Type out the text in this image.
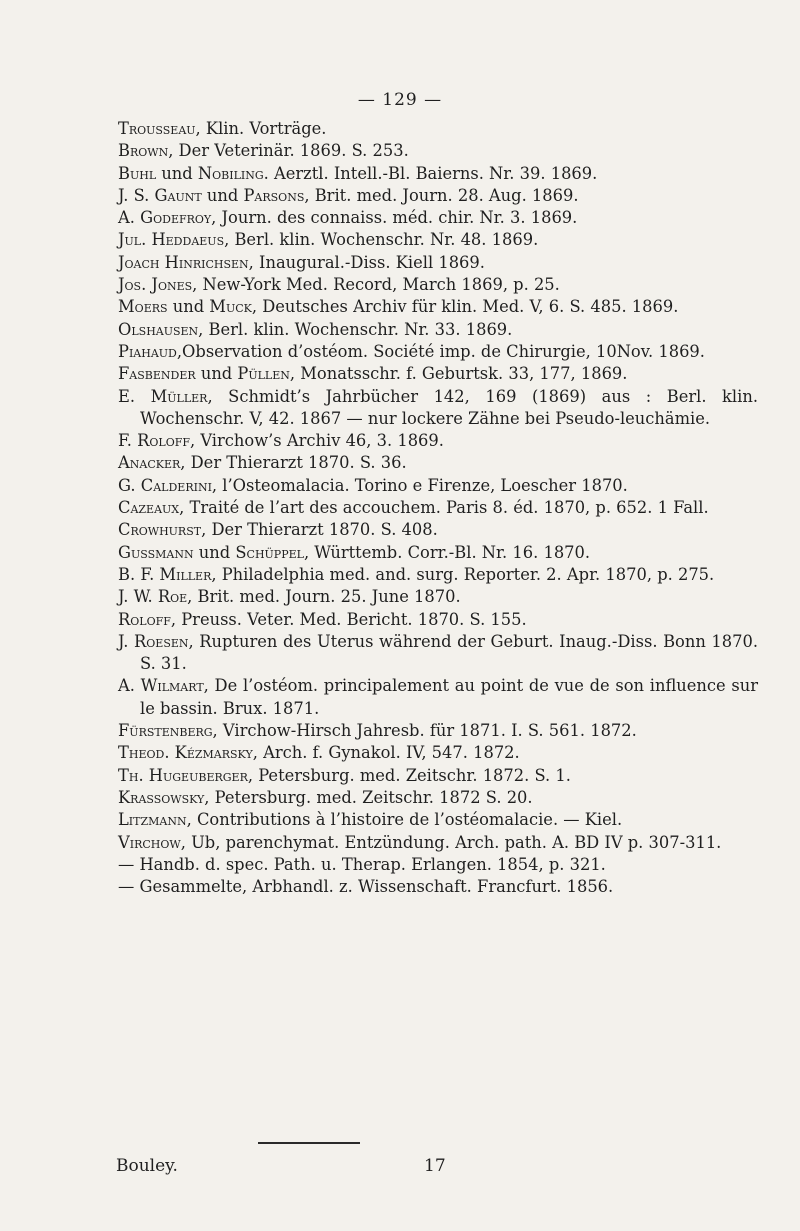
— 129 —
Trousseau, Klin. Vorträge.
Brown, Der Veterinär. 1869. S. 253.
Buhl und Nobiling. Aerztl. Intell.-Bl. Baierns. Nr. 39. 1869.
J. S. Gaunt und Parsons, Brit. med. Journ. 28. Aug. 1869.
A. Godefroy, Journ. des connaiss. méd. chir. Nr. 3. 1869.
Jul. Heddaeus, Berl. klin. Wochenschr. Nr. 48. 1869.
Joach Hinrichsen, Inaugural.-Diss. Kiell 1869.
Jos. Jones, New-York Med. Record, March 1869, p. 25.
Moers und Muck, Deutsches Archiv für klin. Med. V, 6. S. 485. 1869.
Olshausen, Berl. klin. Wochenschr. Nr. 33. 1869.
Piahaud,Observation d’ostéom. Société imp. de Chirurgie, 10Nov. 1869.
Fasbender und Püllen, Monatsschr. f. Geburtsk. 33, 177, 1869.
E. Müller, Schmidt’s Jahrbücher 142, 169 (1869) aus : Berl. klin. Wochenschr. V, 42. 1867 — nur lockere Zähne bei Pseudo-leuchämie.
F. Roloff, Virchow’s Archiv 46, 3. 1869.
Anacker, Der Thierarzt 1870. S. 36.
G. Calderini, l’Osteomalacia. Torino e Firenze, Loescher 1870.
Cazeaux, Traité de l’art des accouchem. Paris 8. éd. 1870, p. 652. 1 Fall.
Crowhurst, Der Thierarzt 1870. S. 408.
Gussmann und Schüppel, Württemb. Corr.-Bl. Nr. 16. 1870.
B. F. Miller, Philadelphia med. and. surg. Reporter. 2. Apr. 1870, p. 275.
J. W. Roe, Brit. med. Journ. 25. June 1870.
Roloff, Preuss. Veter. Med. Bericht. 1870. S. 155.
J. Roesen, Rupturen des Uterus während der Geburt. Inaug.-Diss. Bonn 1870. S. 31.
A. Wilmart, De l’ostéom. principalement au point de vue de son influence sur le bassin. Brux. 1871.
Fürstenberg, Virchow-Hirsch Jahresb. für 1871. I. S. 561. 1872.
Theod. Kézmarsky, Arch. f. Gynakol. IV, 547. 1872.
Th. Hugeuberger, Petersburg. med. Zeitschr. 1872. S. 1.
Krassowsky, Petersburg. med. Zeitschr. 1872 S. 20.
Litzmann, Contributions à l’histoire de l’ostéomalacie. — Kiel.
Virchow, Ub, parenchymat. Entzündung. Arch. path. A. BD IV p. 307-311.
— Handb. d. spec. Path. u. Therap. Erlangen. 1854, p. 321.
— Gesammelte, Arbhandl. z. Wissenschaft. Francfurt. 1856.
Bouley.	17
